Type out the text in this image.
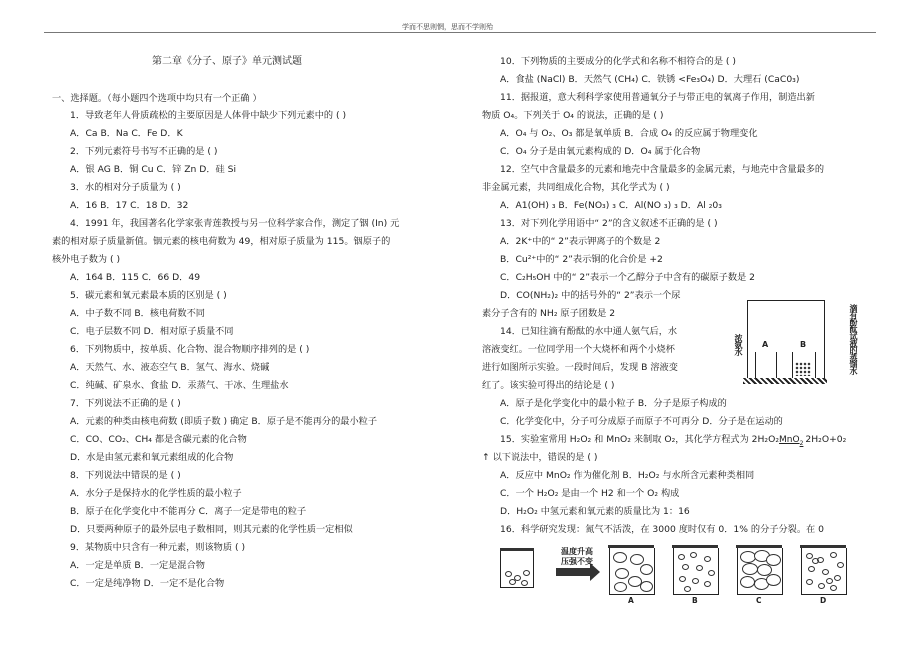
学而不思则惘，思而不学则殆
第二章《分子、原子》单元测试题
一、选择题。（每小题四个选项中均只有一个正确 ）
1．导致老年人骨质疏松的主要原因是人体骨中缺少下列元素中的 ( )
A．Ca B．Na C．Fe D．K
2．下列元素符号书写不正确的是 ( )
A．银 AG B．铜 Cu C．锌 Zn D．硅 Si
3．水的相对分子质量为 ( )
A．16 B．17 C．18 D．32
4．1991 年，我国著名化学家张青莲教授与另一位科学家合作，测定了铟 (In) 元
素的相对原子质量新值。铟元素的核电荷数为 49，相对原子质量为 115。铟原子的
核外电子数为 ( )
A．164 B．115 C．66 D．49
5．碳元素和氧元素最本质的区别是 ( )
A．中子数不同 B．核电荷数不同
C．电子层数不同 D．相对原子质量不同
6．下列物质中，按单质、化合物、混合物顺序排列的是 ( )
A．天然气、水、液态空气 B．氢气、海水、烧碱
C．纯碱、矿泉水、食盐 D．汞蒸气、干冰、生理盐水
7．下列说法不正确的是 ( )
A．元素的种类由核电荷数 (即质子数 ) 确定 B．原子是不能再分的最小粒子
C．CO、CO₂、CH₄ 都是含碳元素的化合物
D．水是由氢元素和氧元素组成的化合物
8．下列说法中错误的是 ( )
A．水分子是保持水的化学性质的最小粒子
B．原子在化学变化中不能再分 C．离子一定是带电的粒子
D．只要两种原子的最外层电子数相同，则其元素的化学性质一定相似
9．某物质中只含有一种元素，则该物质 ( )
A．一定是单质 B．一定是混合物
C．一定是纯净物 D．一定不是化合物
10．下列物质的主要成分的化学式和名称不相符合的是 ( )
A．食盐 (NaCl) B．天然气 (CH₄) C．铁锈 <Fe₃O₄) D．大理石 (CaC0₃)
11．据报道，意大利科学家使用普通氧分子与带正电的氧离子作用，制造出新
物质 O₄。下列关于 O₄ 的说法，正确的是 ( )
A．O₄ 与 O₂、O₃ 都是氧单质 B．合成 O₄ 的反应属于物理变化
C．O₄ 分子是由氧元素构成的 D．O₄ 属于化合物
12．空气中含量最多的元素和地壳中含量最多的金属元素，与地壳中含量最多的
非金属元素，共同组成化合物，其化学式为 ( )
A．A1(OH) ₃ B．Fe(NO₃) ₃ C．Al(NO ₃) ₃ D．Al ₂0₃
13．对下列化学用语中“ 2”的含义叙述不正确的是 ( )
A．2K⁺中的“ 2”表示钾离子的个数是 2
B．Cu²⁺中的“ 2”表示铜的化合价是 +2
C．C₂H₅OH 中的“ 2”表示一个乙醇分子中含有的碳原子数是 2
D．CO(NH₂)₂ 中的括号外的“ 2”表示一个尿
素分子含有的 NH₂ 原子团数是 2
14．已知往滴有酚酞的水中通人氨气后，水
溶液变红。一位同学用一个大烧杯和两个小烧杯
进行如图所示实验。一段时间后，发现 B 溶液变
红了。该实验可得出的结论是 ( )
A．原子是化学变化中的最小粒子 B．分子是原子构成的
C．化学变化中，分子可分成原子而原子不可再分 D．分子是在运动的
15．实验室常用 H₂O₂ 和 MnO₂ 来制取 O₂，其化学方程式为 2H₂O₂MnO$_2$ 2H₂O+0₂
↑ 以下说法中，错误的是 ( )
A．反应中 MnO₂ 作为催化剂 B．H₂O₂ 与水所含元素种类相同
C．一个 H₂O₂ 是由一个 H2 和一个 O₂ 构成
D．H₂O₂ 中氢元素和氧元素的质量比为 1：16
16．科学研究发现：氮气不活泼，在 3000 度时仅有 0．1% 的分子分裂。在 0
A	B
浓氨水	滴有酚酞试液的蒸馏水
温度升高
压强不变
A	B	C	D
